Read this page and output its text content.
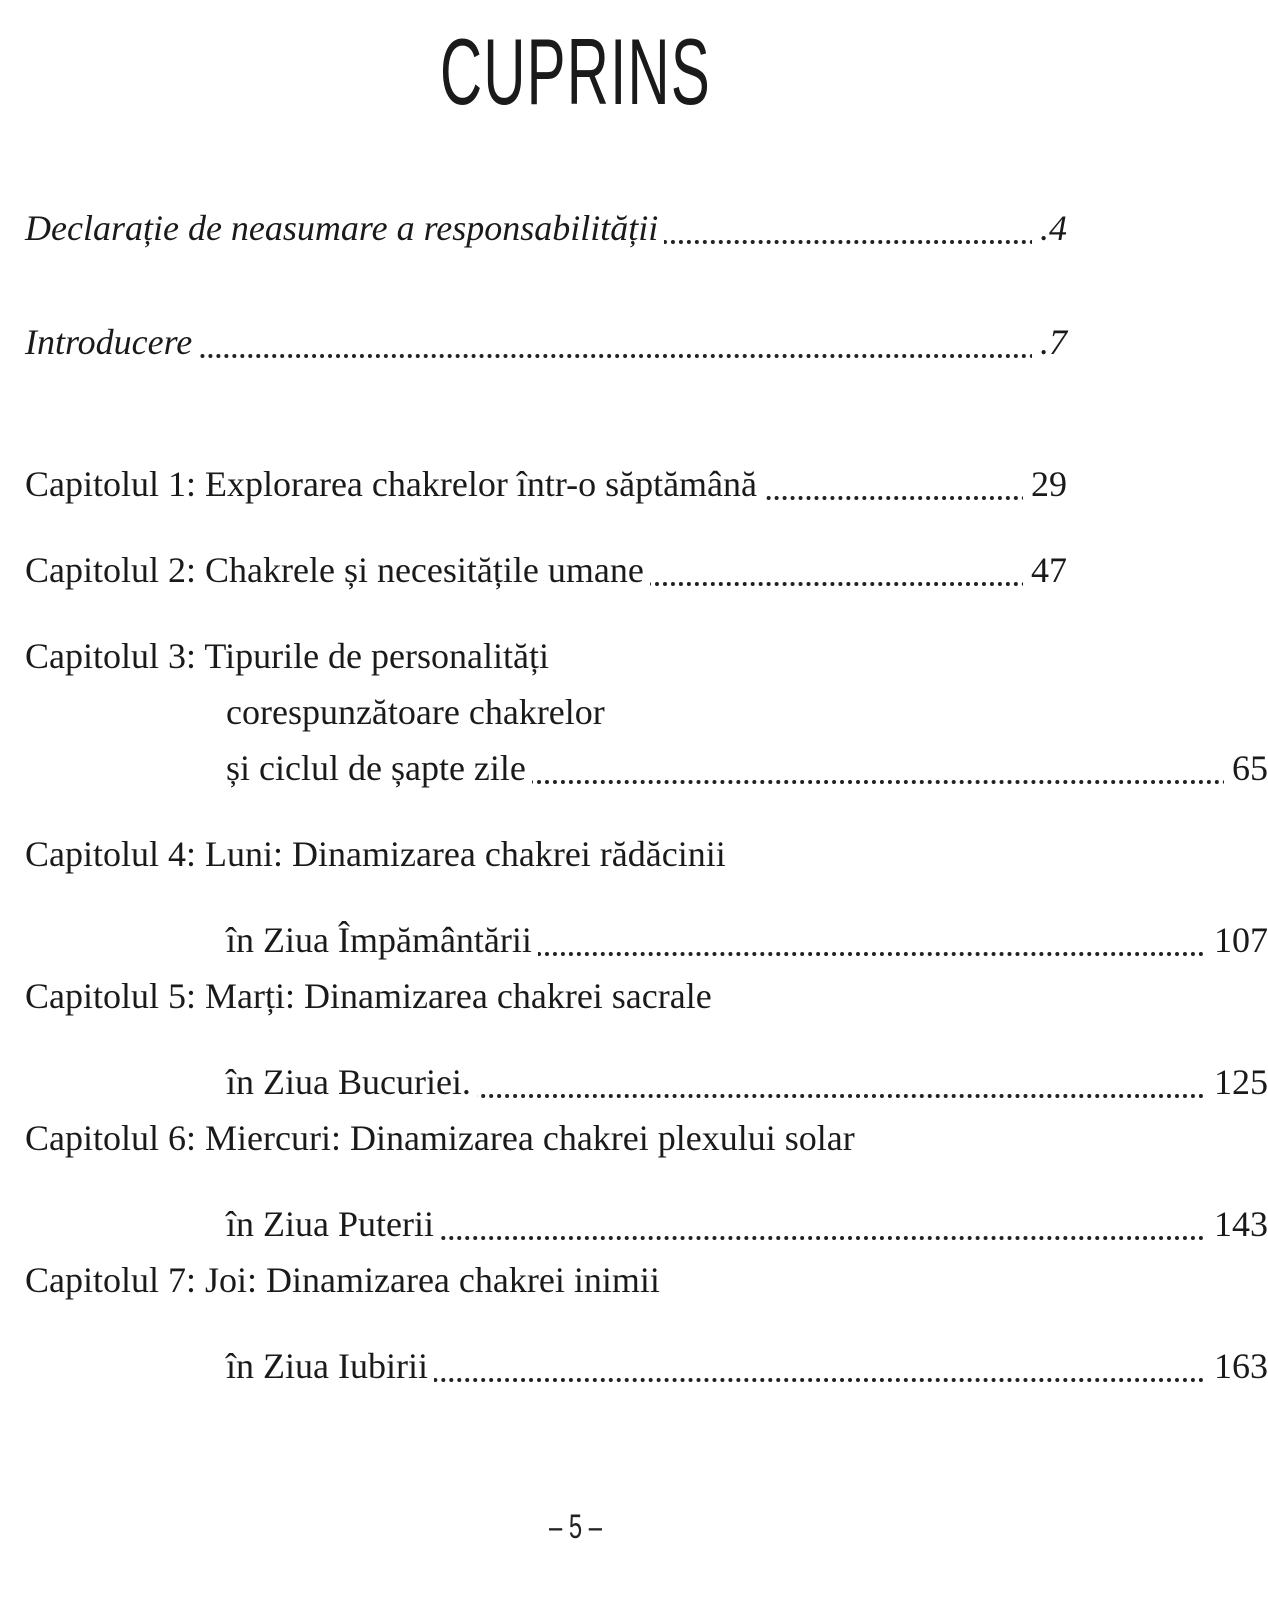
CUPRINS
Declarație de neasumare a responsabilității	.4
Introducere	.7
Capitolul 1: Explorarea chakrelor într-o săptămână	29
Capitolul 2: Chakrele și necesitățile umane	47
Capitolul 3: Tipurile de personalități
corespunzătoare chakrelor
și ciclul de șapte zile	65
Capitolul 4: Luni: Dinamizarea chakrei rădăcinii
în Ziua Împământării	107
Capitolul 5: Marți: Dinamizarea chakrei sacrale
în Ziua Bucuriei.	125
Capitolul 6: Miercuri: Dinamizarea chakrei plexului solar
în Ziua Puterii	143
Capitolul 7: Joi: Dinamizarea chakrei inimii
în Ziua Iubirii	163
– 5 –
